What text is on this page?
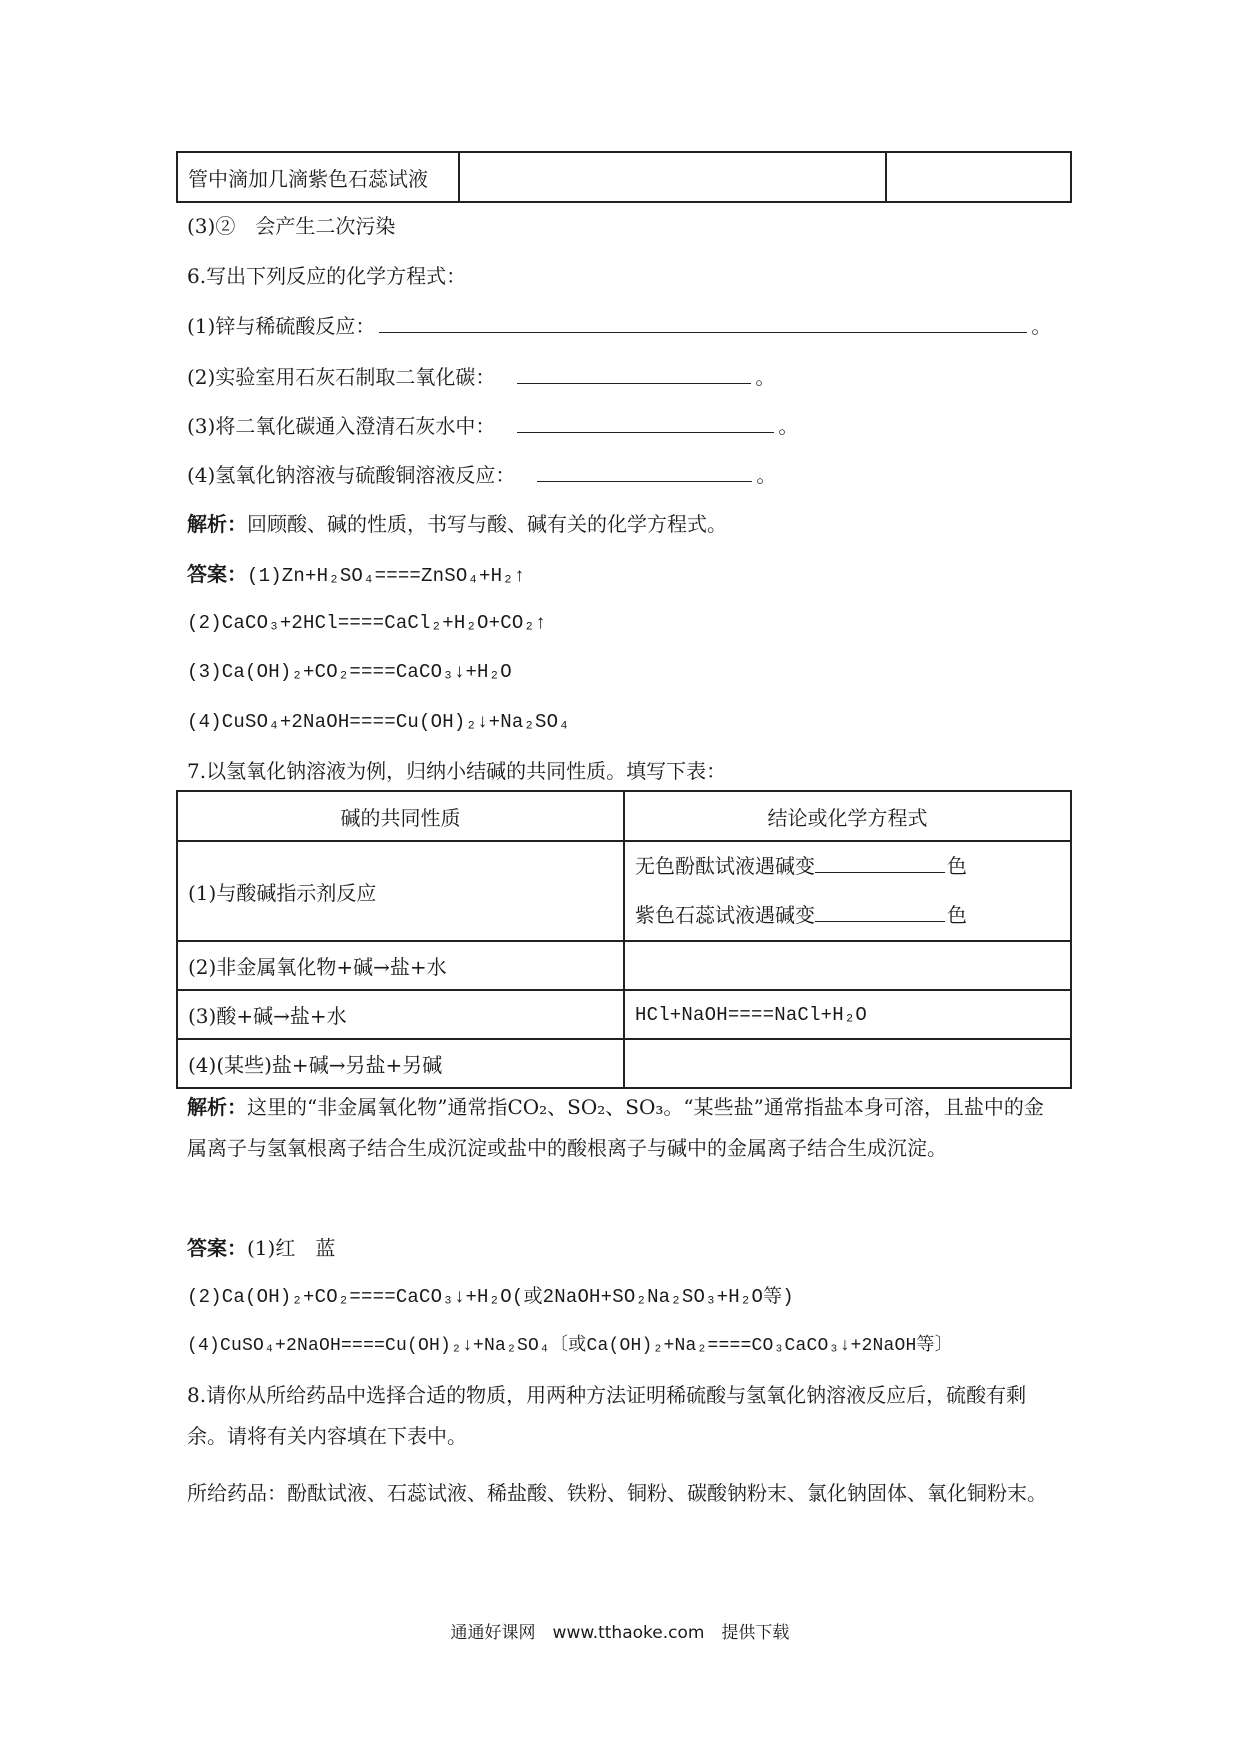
管中滴加几滴紫色石蕊试液		
(3)②　会产生二次污染
6.写出下列反应的化学方程式：
(1)锌与稀硫酸反应：	。
(2)实验室用石灰石制取二氧化碳：	。
(3)将二氧化碳通入澄清石灰水中：	。
(4)氢氧化钠溶液与硫酸铜溶液反应：	。
解析：回顾酸、碱的性质，书写与酸、碱有关的化学方程式。
答案：(1)Zn+H₂SO₄====ZnSO₄+H₂↑
(2)CaCO₃+2HCl====CaCl₂+H₂O+CO₂↑
(3)Ca(OH)₂+CO₂====CaCO₃↓+H₂O
(4)CuSO₄+2NaOH====Cu(OH)₂↓+Na₂SO₄
7.以氢氧化钠溶液为例，归纳小结碱的共同性质。填写下表：
碱的共同性质	结论或化学方程式
(1)与酸碱指示剂反应	无色酚酞试液遇碱变 色
紫色石蕊试液遇碱变 色

(2)非金属氧化物+碱→盐+水	
(3)酸+碱→盐+水	HCl+NaOH====NaCl+H₂O
(4)(某些)盐+碱→另盐+另碱	
解析：这里的“非金属氧化物”通常指CO₂、SO₂、SO₃。“某些盐”通常指盐本身可溶，且盐中的金属离子与氢氧根离子结合生成沉淀或盐中的酸根离子与碱中的金属离子结合生成沉淀。
答案：(1)红　蓝
(2)Ca(OH)₂+CO₂====CaCO₃↓+H₂O(或2NaOH+SO₂Na₂SO₃+H₂O等)
(4)CuSO₄+2NaOH====Cu(OH)₂↓+Na₂SO₄〔或Ca(OH)₂+Na₂====CO₃CaCO₃↓+2NaOH等〕
8.请你从所给药品中选择合适的物质，用两种方法证明稀硫酸与氢氧化钠溶液反应后，硫酸有剩余。请将有关内容填在下表中。
所给药品：酚酞试液、石蕊试液、稀盐酸、铁粉、铜粉、碳酸钠粉末、氯化钠固体、氧化铜粉末。
通通好课网　www.tthaoke.com　提供下载
